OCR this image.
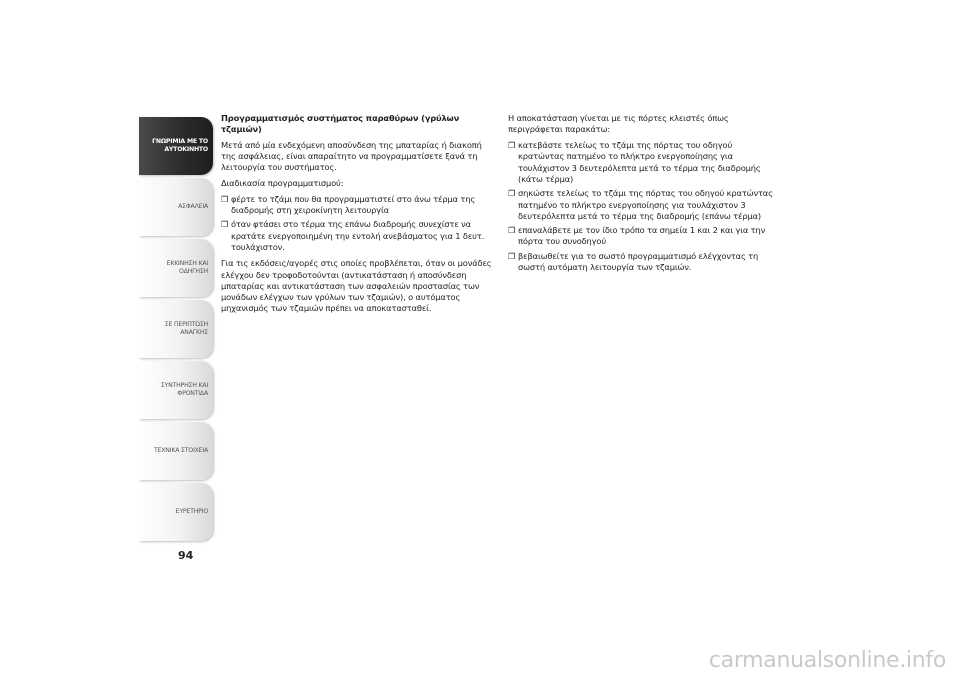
ΓΝΩΡΙΜΙΑ ΜΕ ΤΟ
ΑΥΤΟΚΙΝΗΤΟ
ΑΣΦΑΛΕΙΑ
ΕΚΚΙΝΗΣΗ ΚΑΙ
ΟΔΗΓΗΣΗ
ΣΕ ΠΕΡΙΠΤΩΣΗ
ΑΝΑΓΚΗΣ
ΣΥΝΤΗΡΗΣΗ ΚΑΙ
ΦΡΟΝΤΙΔΑ
ΤΕΧΝΙΚΑ ΣΤΟΙΧΕΙΑ
ΕΥΡΕΤΗΡΙΟ
94

Προγραμματισμός συστήματος παραθύρων (γρύλων τζαμιών)

Μετά από μία ενδεχόμενη αποσύνδεση της μπαταρίας ή διακοπή της ασφάλειας, είναι απαραίτητο να προγραμματίσετε ξανά τη λειτουργία του συστήματος.

Διαδικασία προγραμματισμού:

❒ φέρτε το τζάμι που θα προγραμματιστεί στο άνω τέρμα της διαδρομής στη χειροκίνητη λειτουργία
❒ όταν φτάσει στο τέρμα της επάνω διαδρομής συνεχίστε να κρατάτε ενεργοποιημένη την εντολή ανεβάσματος για 1 δευτ. τουλάχιστον.

Για τις εκδόσεις/αγορές στις οποίες προβλέπεται, όταν οι μονάδες ελέγχου δεν τροφοδοτούνται (αντικατάσταση ή αποσύνδεση μπαταρίας και αντικατάσταση των ασφαλειών προστασίας των μονάδων ελέγχων των γρύλων των τζαμιών), ο αυτόματος μηχανισμός των τζαμιών πρέπει να αποκατασταθεί.

Η αποκατάσταση γίνεται με τις πόρτες κλειστές όπως περιγράφεται παρακάτω:

❒ κατεβάστε τελείως το τζάμι της πόρτας του οδηγού κρατώντας πατημένο το πλήκτρο ενεργοποίησης για τουλάχιστον 3 δευτερόλεπτα μετά το τέρμα της διαδρομής (κάτω τέρμα)
❒ σηκώστε τελείως το τζάμι της πόρτας του οδηγού κρατώντας πατημένο το πλήκτρο ενεργοποίησης για τουλάχιστον 3 δευτερόλεπτα μετά το τέρμα της διαδρομής (επάνω τέρμα)
❒ επαναλάβετε με τον ίδιο τρόπο τα σημεία 1 και 2 και για την πόρτα του συνοδηγού
❒ βεβαιωθείτε για το σωστό προγραμματισμό ελέγχοντας τη σωστή αυτόματη λειτουργία των τζαμιών.
carmanualsonline.info
